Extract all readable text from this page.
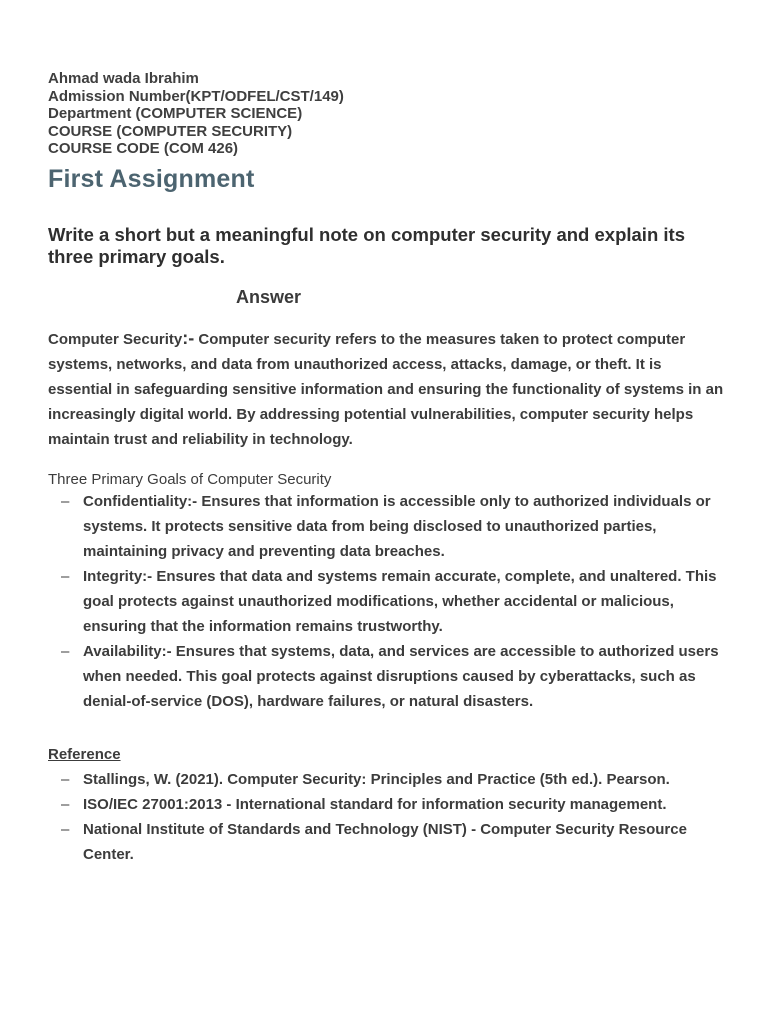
Ahmad wada Ibrahim
Admission Number(KPT/ODFEL/CST/149)
Department (COMPUTER SCIENCE)
COURSE (COMPUTER SECURITY)
COURSE CODE (COM 426)
First Assignment

Write a short but a meaningful note on computer security and explain its three primary goals.

Answer

Computer Security:- Computer security refers to the measures taken to protect computer systems, networks, and data from unauthorized access, attacks, damage, or theft. It is essential in safeguarding sensitive information and ensuring the functionality of systems in an increasingly digital world. By addressing potential vulnerabilities, computer security helps maintain trust and reliability in technology.

Three Primary Goals of Computer Security

– Confidentiality:- Ensures that information is accessible only to authorized individuals or systems. It protects sensitive data from being disclosed to unauthorized parties, maintaining privacy and preventing data breaches.
– Integrity:- Ensures that data and systems remain accurate, complete, and unaltered. This goal protects against unauthorized modifications, whether accidental or malicious, ensuring that the information remains trustworthy.
– Availability:- Ensures that systems, data, and services are accessible to authorized users when needed. This goal protects against disruptions caused by cyberattacks, such as denial-of-service (DOS), hardware failures, or natural disasters.

Reference

– Stallings, W. (2021). Computer Security: Principles and Practice (5th ed.). Pearson.
– ISO/IEC 27001:2013 - International standard for information security management.
– National Institute of Standards and Technology (NIST) - Computer Security Resource Center.
